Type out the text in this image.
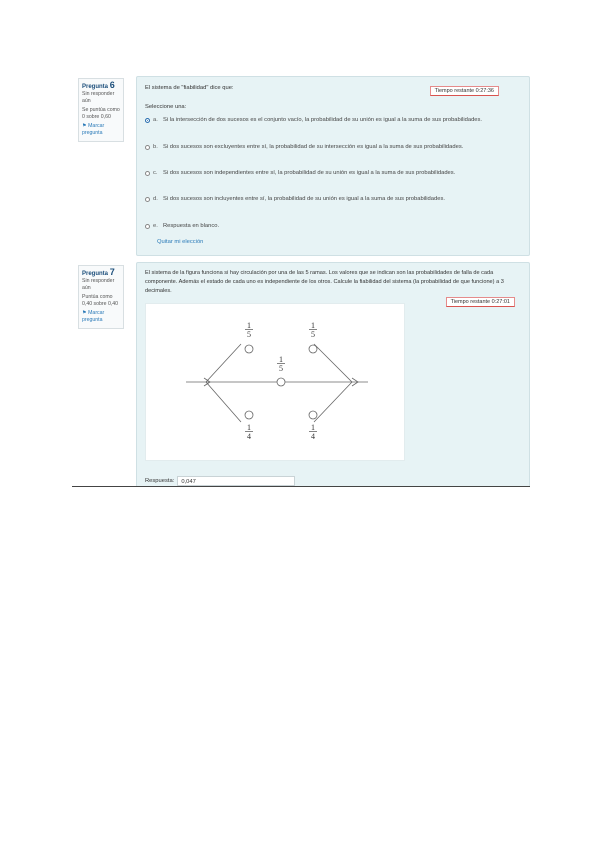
Pregunta 6
Sin responder aún
Se puntúa como 0 sobre 0,60
⚑ Marcar pregunta
El sistema de "fiabilidad" dice que:	Tiempo restante 0:27:36
Seleccione una:
a. Si la intersección de dos sucesos es el conjunto vacío, la probabilidad de su unión es igual a la suma de sus probabilidades.
b. Si dos sucesos son excluyentes entre sí, la probabilidad de su intersección es igual a la suma de sus probabilidades.
c. Si dos sucesos son independientes entre sí, la probabilidad de su unión es igual a la suma de sus probabilidades.
d. Si dos sucesos son incluyentes entre sí, la probabilidad de su unión es igual a la suma de sus probabilidades.
e. Respuesta en blanco.
Quitar mi elección
Pregunta 7
Sin responder aún
Puntúa como 0,40 sobre 0,40
⚑ Marcar pregunta
El sistema de la figura funciona si hay circulación por una de las 5 ramas. Los valores que se indican son las probabilidades de falla de cada componente. Además el estado de cada uno es independiente de los otros. Calcule la fiabilidad del sistema (la probabilidad de que funcione) a 3 decimales.
Tiempo restante 0:27:01
1
5
1
5
1
5
1
4
1
4
Respuesta:	0,047
